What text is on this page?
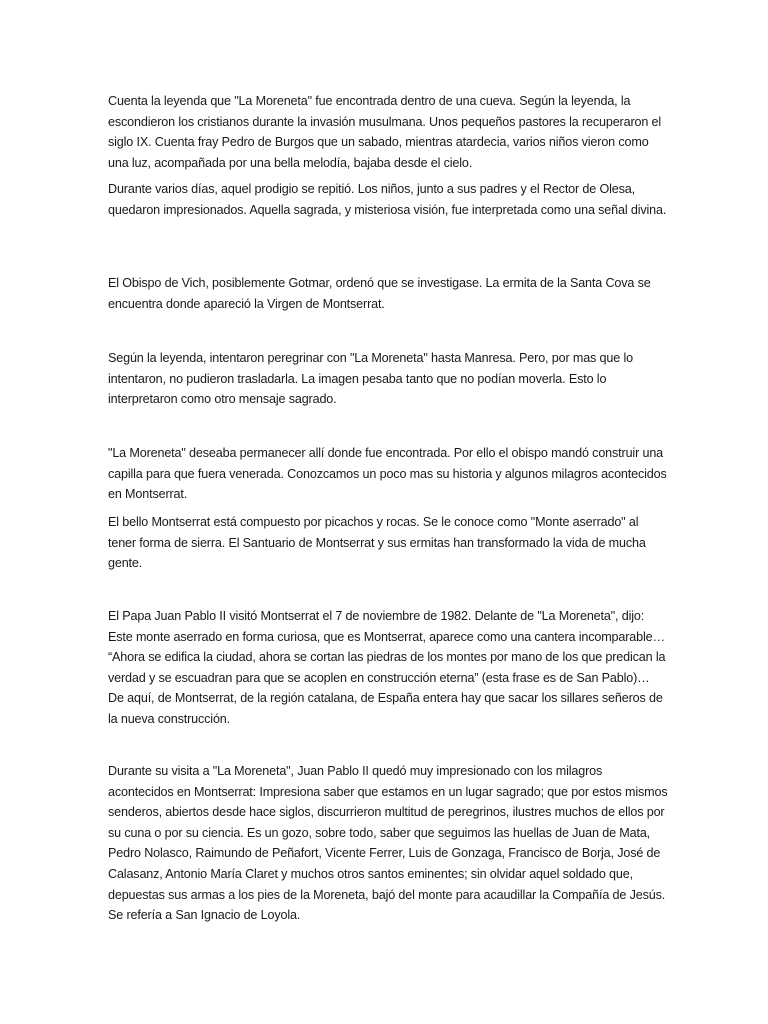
Cuenta la leyenda que "La Moreneta" fue encontrada dentro de una cueva. Según la leyenda, la escondieron los cristianos durante la invasión musulmana. Unos pequeños pastores la recuperaron el siglo IX. Cuenta fray Pedro de Burgos que un sabado, mientras atardecia, varios niños vieron como una luz, acompañada por una bella melodía, bajaba desde el cielo.

Durante varios días, aquel prodigio se repitió. Los niños, junto a sus padres y el Rector de Olesa, quedaron impresionados. Aquella sagrada, y misteriosa visión, fue interpretada como una señal divina.

El Obispo de Vich, posiblemente Gotmar, ordenó que se investigase. La ermita de la Santa Cova se encuentra donde apareció la Virgen de Montserrat.

Según la leyenda, intentaron peregrinar con "La Moreneta" hasta Manresa. Pero, por mas que lo intentaron, no pudieron trasladarla. La imagen pesaba tanto que no podían moverla. Esto lo interpretaron como otro mensaje sagrado.

"La Moreneta" deseaba permanecer allí donde fue encontrada. Por ello el obispo mandó construir una capilla para que fuera venerada. Conozcamos un poco mas su historia y algunos milagros acontecidos en Montserrat.

El bello Montserrat está compuesto por picachos y rocas. Se le conoce como "Monte aserrado" al tener forma de sierra. El Santuario de Montserrat y sus ermitas han transformado la vida de mucha gente.

El Papa Juan Pablo II visitó Montserrat el 7 de noviembre de 1982. Delante de "La Moreneta", dijo: Este monte aserrado en forma curiosa, que es Montserrat, aparece como una cantera incomparable… “Ahora se edifica la ciudad, ahora se cortan las piedras de los montes por mano de los que predican la verdad y se escuadran para que se acoplen en construcción eterna” (esta frase es de San Pablo)… De aquí, de Montserrat, de la región catalana, de España entera hay que sacar los sillares señeros de la nueva construcción.

Durante su visita a "La Moreneta", Juan Pablo II quedó muy impresionado con los milagros acontecidos en Montserrat: Impresiona saber que estamos en un lugar sagrado; que por estos mismos senderos, abiertos desde hace siglos, discurrieron multitud de peregrinos, ilustres muchos de ellos por su cuna o por su ciencia. Es un gozo, sobre todo, saber que seguimos las huellas de Juan de Mata, Pedro Nolasco, Raimundo de Peñafort, Vicente Ferrer, Luis de Gonzaga, Francisco de Borja, José de Calasanz, Antonio María Claret y muchos otros santos eminentes; sin olvidar aquel soldado que, depuestas sus armas a los pies de la Moreneta, bajó del monte para acaudillar la Compañía de Jesús. Se refería a San Ignacio de Loyola.
